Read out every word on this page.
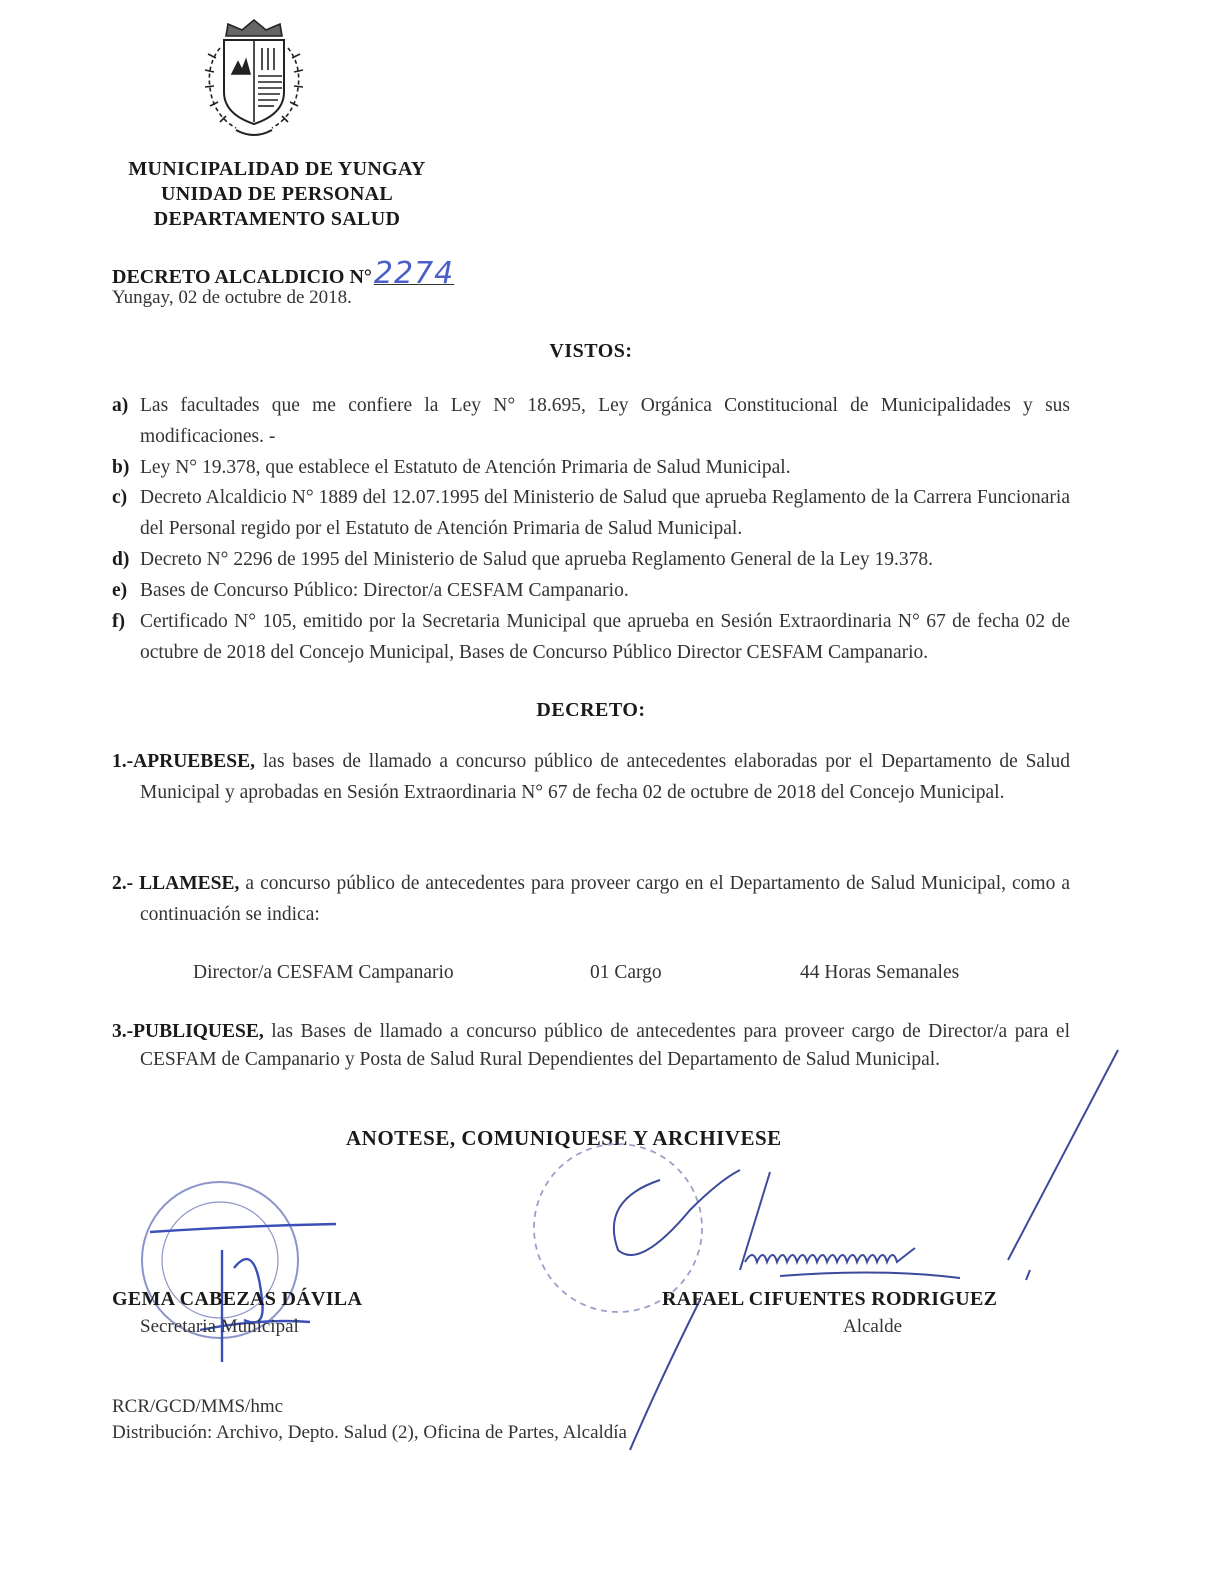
MUNICIPALIDAD DE YUNGAY
UNIDAD DE PERSONAL
DEPARTAMENTO SALUD
DECRETO ALCALDICIO N°2274
Yungay, 02 de octubre de 2018.
VISTOS:
a) Las facultades que me confiere la Ley N° 18.695, Ley Orgánica Constitucional de Municipalidades y sus modificaciones. -
b) Ley N° 19.378, que establece el Estatuto de Atención Primaria de Salud Municipal.
c) Decreto Alcaldicio N° 1889 del 12.07.1995 del Ministerio de Salud que aprueba Reglamento de la Carrera Funcionaria del Personal regido por el Estatuto de Atención Primaria de Salud Municipal.
d) Decreto N° 2296 de 1995 del Ministerio de Salud que aprueba Reglamento General de la Ley 19.378.
e) Bases de Concurso Público: Director/a CESFAM Campanario.
f) Certificado N° 105, emitido por la Secretaria Municipal que aprueba en Sesión Extraordinaria N° 67 de fecha 02 de octubre de 2018 del Concejo Municipal, Bases de Concurso Público Director CESFAM Campanario.
DECRETO:
1.-APRUEBESE, las bases de llamado a concurso público de antecedentes elaboradas por el Departamento de Salud Municipal y aprobadas en Sesión Extraordinaria N° 67 de fecha 02 de octubre de 2018 del Concejo Municipal.
2.- LLAMESE, a concurso público de antecedentes para proveer cargo en el Departamento de Salud Municipal, como a continuación se indica:
Director/a CESFAM Campanario	01 Cargo	44 Horas Semanales
3.-PUBLIQUESE, las Bases de llamado a concurso público de antecedentes para proveer cargo de Director/a para el CESFAM de Campanario y Posta de Salud Rural Dependientes del Departamento de Salud Municipal.
ANOTESE, COMUNIQUESE Y ARCHIVESE
GEMA CABEZAS DÁVILA
Secretaria Municipal
RAFAEL CIFUENTES RODRIGUEZ
Alcalde
RCR/GCD/MMS/hmc
Distribución: Archivo, Depto. Salud (2), Oficina de Partes, Alcaldía
